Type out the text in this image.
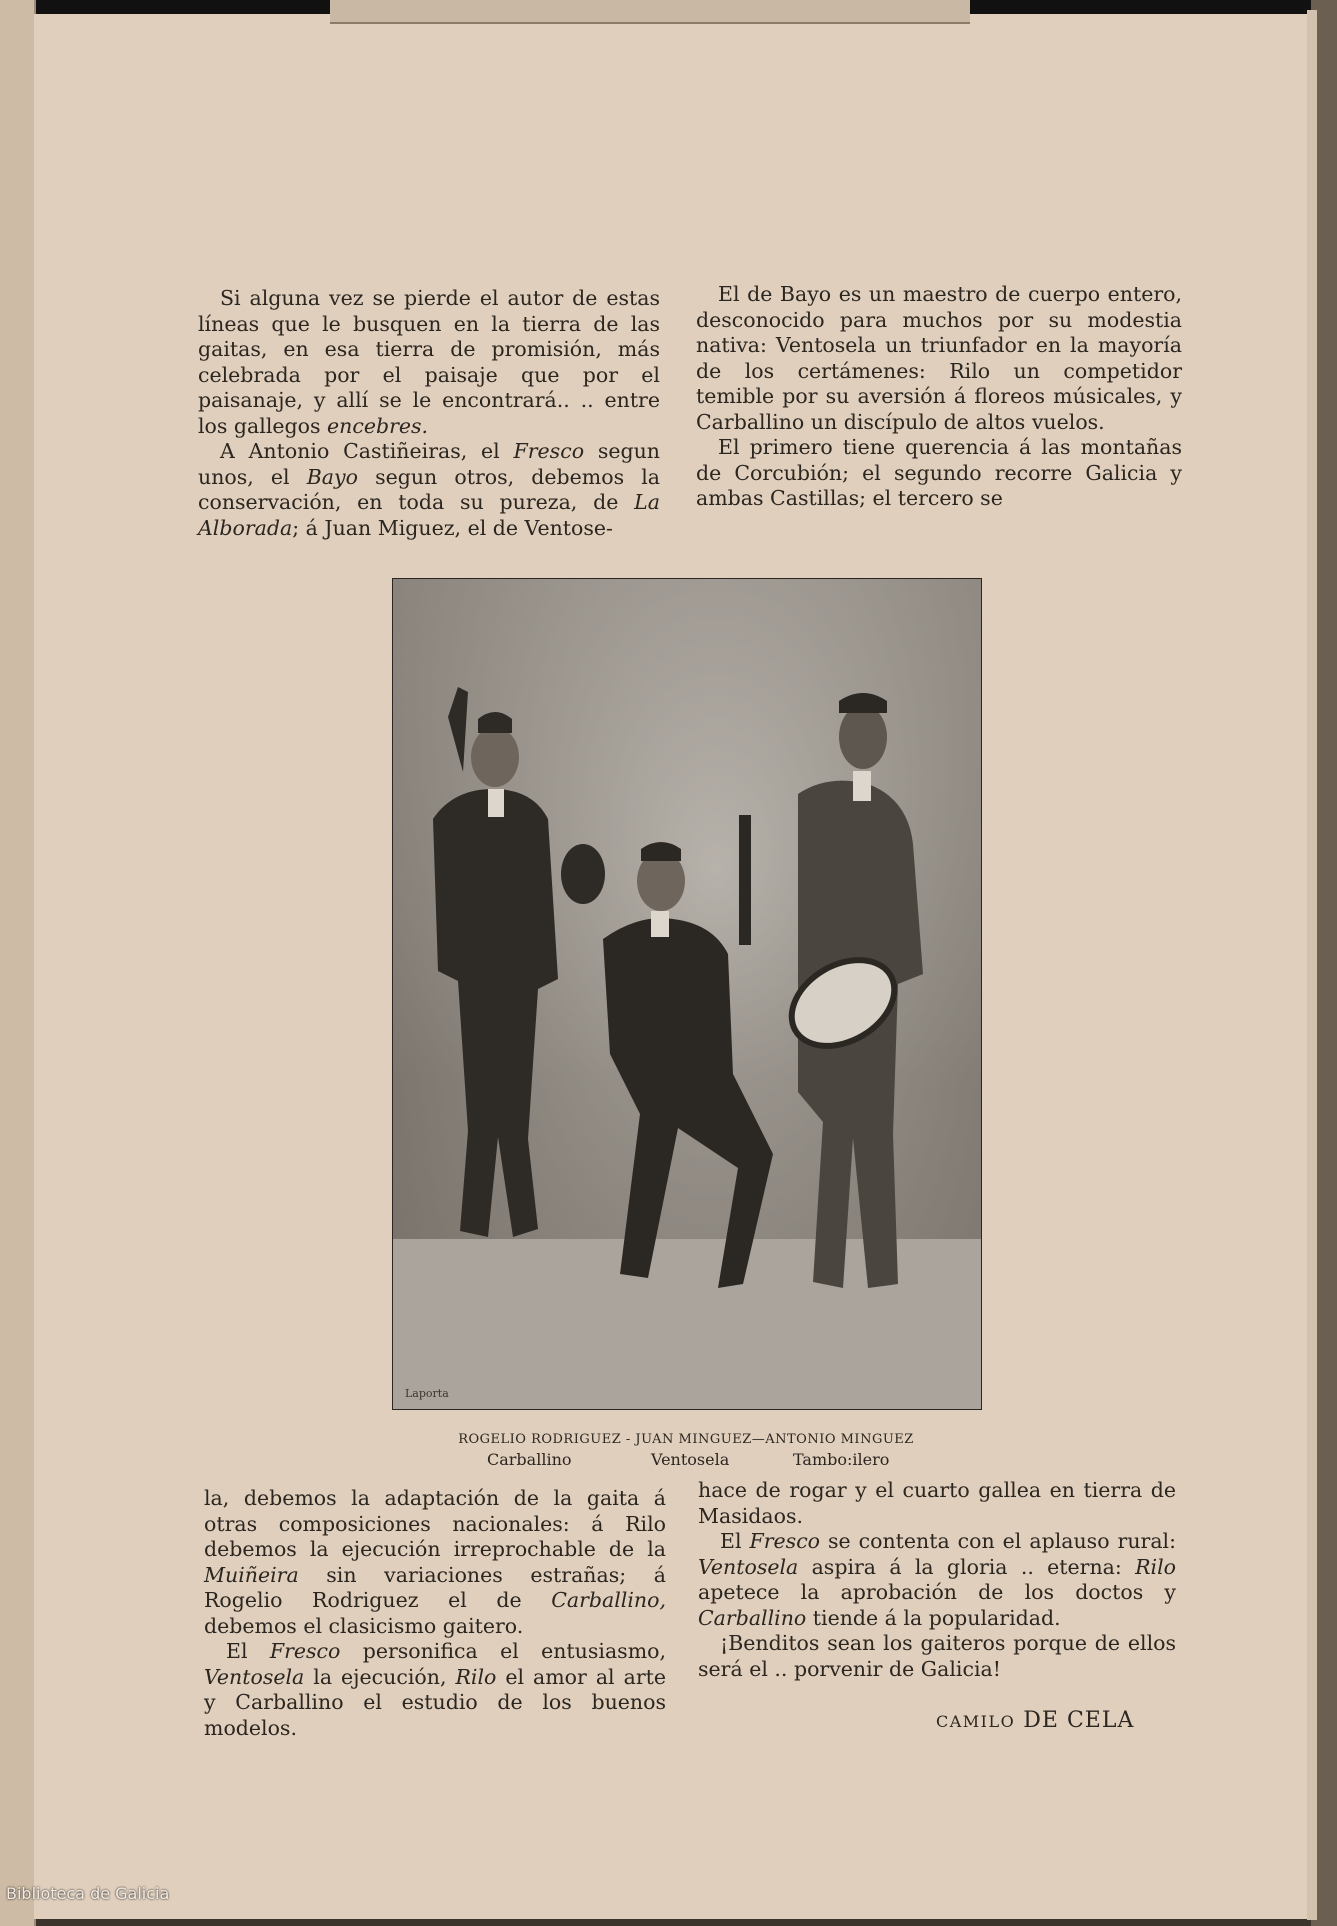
Si alguna vez se pierde el autor de estas líneas que le busquen en la tierra de las gaitas, en esa tierra de promisión, más celebrada por el paisaje que por el paisanaje, y allí se le encontrará.. .. entre los gallegos encebres.

A Antonio Castiñeiras, el Fresco segun unos, el Bayo segun otros, debemos la conservación, en toda su pureza, de La Alborada; á Juan Miguez, el de Ventose-

El de Bayo es un maestro de cuerpo entero, desconocido para muchos por su modestia nativa: Ventosela un triunfador en la mayoría de los certámenes: Rilo un competidor temible por su aversión á floreos músicales, y Carballino un discípulo de altos vuelos.

El primero tiene querencia á las montañas de Corcubión; el segundo recorre Galicia y ambas Castillas; el tercero se

Laporta
ROGELIO RODRIGUEZ - JUAN MINGUEZ—ANTONIO MINGUEZ
Carballino	Ventosela	Tambo:ilero

la, debemos la adaptación de la gaita á otras composiciones nacionales: á Rilo debemos la ejecución irreprochable de la Muiñeira sin variaciones estrañas; á Rogelio Rodriguez el de Carballino, debemos el clasicismo gaitero.

El Fresco personifica el entusiasmo, Ventosela la ejecución, Rilo el amor al arte y Carballino el estudio de los buenos modelos.

hace de rogar y el cuarto gallea en tierra de Masidaos.

El Fresco se contenta con el aplauso rural: Ventosela aspira á la gloria .. eterna: Rilo apetece la aprobación de los doctos y Carballino tiende á la popularidad.

¡Benditos sean los gaiteros porque de ellos será el .. porvenir de Galicia!

CAMILO DE CELA
Biblioteca de Galicia
